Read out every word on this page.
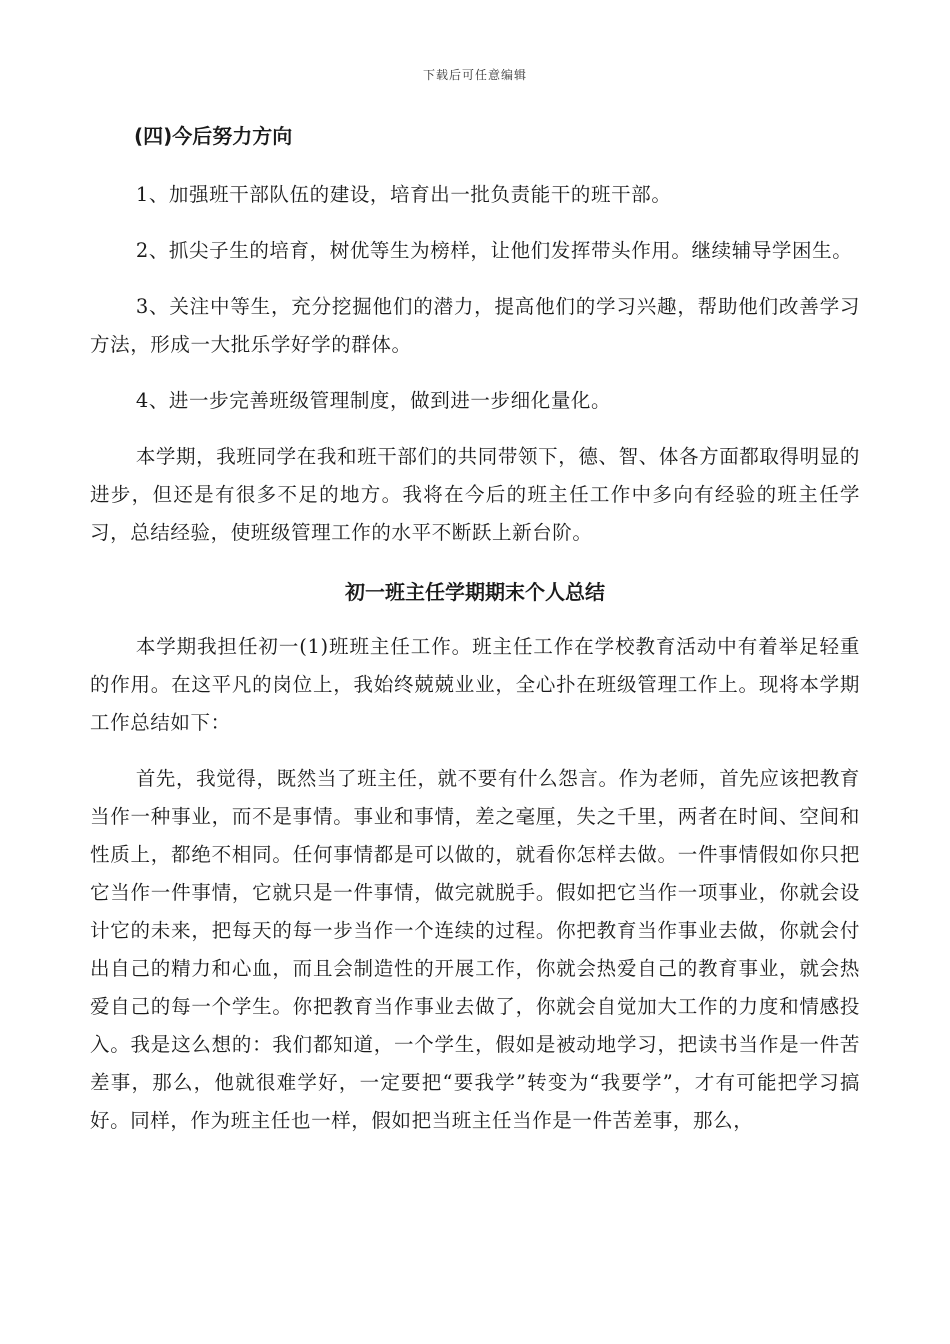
下载后可任意编辑
(四)今后努力方向

1、加强班干部队伍的建设，培育出一批负责能干的班干部。

2、抓尖子生的培育，树优等生为榜样，让他们发挥带头作用。继续辅导学困生。

3、关注中等生，充分挖掘他们的潜力，提高他们的学习兴趣，帮助他们改善学习方法，形成一大批乐学好学的群体。

4、进一步完善班级管理制度，做到进一步细化量化。

本学期，我班同学在我和班干部们的共同带领下，德、智、体各方面都取得明显的进步，但还是有很多不足的地方。我将在今后的班主任工作中多向有经验的班主任学习，总结经验，使班级管理工作的水平不断跃上新台阶。

初一班主任学期期末个人总结

本学期我担任初一(1)班班主任工作。班主任工作在学校教育活动中有着举足轻重的作用。在这平凡的岗位上，我始终兢兢业业，全心扑在班级管理工作上。现将本学期工作总结如下：

首先，我觉得，既然当了班主任，就不要有什么怨言。作为老师，首先应该把教育当作一种事业，而不是事情。事业和事情，差之毫厘，失之千里，两者在时间、空间和性质上，都绝不相同。任何事情都是可以做的，就看你怎样去做。一件事情假如你只把它当作一件事情，它就只是一件事情，做完就脱手。假如把它当作一项事业，你就会设计它的未来，把每天的每一步当作一个连续的过程。你把教育当作事业去做，你就会付出自己的精力和心血，而且会制造性的开展工作，你就会热爱自己的教育事业，就会热爱自己的每一个学生。你把教育当作事业去做了，你就会自觉加大工作的力度和情感投入。我是这么想的：我们都知道，一个学生，假如是被动地学习，把读书当作是一件苦差事，那么，他就很难学好，一定要把“要我学”转变为“我要学”，才有可能把学习搞好。同样，作为班主任也一样，假如把当班主任当作是一件苦差事，那么，
